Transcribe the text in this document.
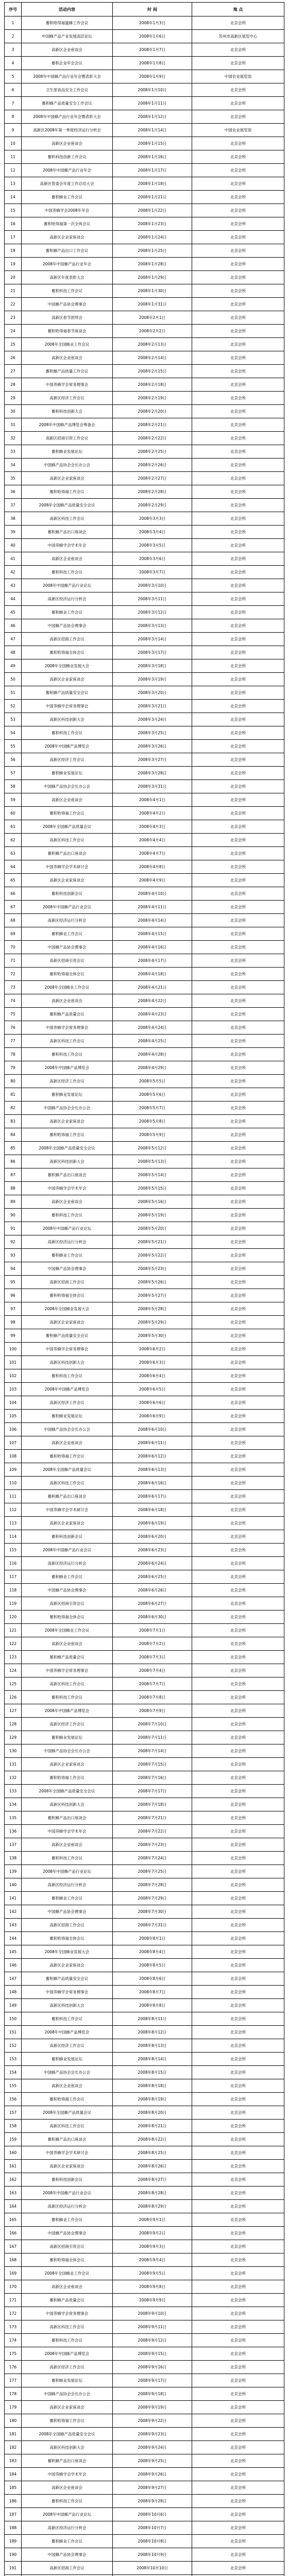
序号	活动内容	时 间	地 点
1	蓄积哈得福蜜蜂工作会议	2008年1月3日	北京会所
2	中国蜂产品产业发展高层论坛	2008年1月6日	苏州市高新区展览中心
3	高新区企业座谈会	2008年1月7日	北京会所
4	蓄积企业年会会议	2008年1月8日	北京会所
5	2008年中国蜂产品行业年会暨表彰大会	2008年1月9日	中国农业展览馆
6	卫生部食品安全工作会议	2008年1月10日	北京会所
7	蓄积蜂产品质量安全工作会议	2008年1月11日	北京会所
8	2008年中国蜂产品行业年会暨表彰大会	2008年1月12日	北京会所
9	高新区2008年第一季度经济运行分析会	2008年1月14日	中国农业展览馆
10	高新区企业座谈会	2008年1月15日	北京会所
11	蓄积科技创新工作会议	2008年1月16日	北京会所
12	2008年中国蜂产品行业年会	2008年1月17日	北京会所
13	高新区管委会年度工作总结大会	2008年1月18日	北京会所
14	蓄积蜂业工作会议	2008年1月21日	北京会所
15	中国养蜂学会2008年年会	2008年1月22日	北京会所
16	蓄积哈得福第一次全体会议	2008年1月23日	北京会所
17	高新区企业家座谈会	2008年1月24日	北京会所
18	蓄积蜂产品出口工作会议	2008年1月25日	北京会所
19	2008年中国蜂产品行业年会	2008年1月28日	北京会所
20	高新区年度表彰大会	2008年1月29日	北京会所
21	蓄积科技工作会议	2008年1月30日	北京会所
22	中国蜂产品协会理事会	2008年1月31日	北京会所
23	高新区春节团拜会	2008年2月1日	北京会所
24	蓄积哈得福春节座谈会	2008年2月2日	北京会所
25	2008年全国蜂业工作会议	2008年2月13日	北京会所
26	高新区企业座谈会	2008年2月14日	北京会所
27	蓄积蜂产品质量工作会议	2008年2月15日	北京会所
28	中国养蜂学会常务理事会	2008年2月18日	北京会所
29	高新区经济工作会议	2008年2月19日	北京会所
30	蓄积科技创新大会	2008年2月20日	北京会所
31	2008年中国蜂产品博览会筹备会	2008年2月21日	北京会所
32	高新区招商引资工作会议	2008年2月22日	北京会所
33	蓄积蜂业发展论坛	2008年2月25日	北京会所
34	中国蜂产品协会会长办公会	2008年2月26日	北京会所
35	高新区企业家座谈会	2008年2月27日	北京会所
36	蓄积哈得福工作会议	2008年2月28日	北京会所
37	2008年全国蜂产品质量安全会议	2008年2月29日	北京会所
38	高新区科技工作会议	2008年3月3日	北京会所
39	蓄积蜂产品出口座谈会	2008年3月4日	北京会所
40	中国养蜂学会学术年会	2008年3月5日	北京会所
41	高新区企业座谈会	2008年3月6日	北京会所
42	蓄积科技工作会议	2008年3月7日	北京会所
43	2008年中国蜂产品行业论坛	2008年3月10日	北京会所
44	高新区经济运行分析会	2008年3月11日	北京会所
45	蓄积蜂业工作会议	2008年3月12日	北京会所
46	中国蜂产品协会理事会	2008年3月13日	北京会所
47	高新区招商工作会议	2008年3月14日	北京会所
48	蓄积哈得福全体会议	2008年3月17日	北京会所
49	2008年全国蜂业发展大会	2008年3月18日	北京会所
50	高新区企业家座谈会	2008年3月19日	北京会所
51	蓄积蜂产品质量安全会议	2008年3月20日	北京会所
52	中国养蜂学会常务理事会	2008年3月21日	北京会所
53	高新区科技创新大会	2008年3月24日	北京会所
54	蓄积科技工作会议	2008年3月25日	北京会所
55	2008年中国蜂产品博览会	2008年3月26日	北京会所
56	高新区经济工作会议	2008年3月27日	北京会所
57	蓄积蜂业发展论坛	2008年3月28日	北京会所
58	中国蜂产品协会会长办公会	2008年3月31日	北京会所
59	高新区企业座谈会	2008年4月1日	北京会所
60	蓄积哈得福工作会议	2008年4月2日	北京会所
61	2008年全国蜂产品质量会议	2008年4月3日	北京会所
62	高新区科技工作会议	2008年4月4日	北京会所
63	蓄积蜂产品出口座谈会	2008年4月7日	北京会所
64	中国养蜂学会学术研讨会	2008年4月8日	北京会所
65	高新区企业家座谈会	2008年4月9日	北京会所
66	蓄积科技创新会议	2008年4月10日	北京会所
67	2008年中国蜂产品行业会议	2008年4月11日	北京会所
68	高新区经济运行分析会	2008年4月14日	北京会所
69	蓄积蜂业工作会议	2008年4月15日	北京会所
70	中国蜂产品协会理事会	2008年4月16日	北京会所
71	高新区招商引资会议	2008年4月17日	北京会所
72	蓄积哈得福全体会议	2008年4月18日	北京会所
73	2008年全国蜂业工作会议	2008年4月21日	北京会所
74	高新区企业座谈会	2008年4月22日	北京会所
75	蓄积蜂产品质量会议	2008年4月23日	北京会所
76	中国养蜂学会常务理事会	2008年4月24日	北京会所
77	高新区科技工作会议	2008年4月25日	北京会所
78	蓄积科技工作会议	2008年4月28日	北京会所
79	2008年中国蜂产品博览会	2008年4月29日	北京会所
80	高新区经济工作会议	2008年5月5日	北京会所
81	蓄积蜂业发展论坛	2008年5月6日	北京会所
82	中国蜂产品协会会长办公会	2008年5月7日	北京会所
83	高新区企业家座谈会	2008年5月8日	北京会所
84	蓄积哈得福工作会议	2008年5月9日	北京会所
85	2008年全国蜂产品质量安全会议	2008年5月12日	北京会所
86	高新区科技创新大会	2008年5月13日	北京会所
87	蓄积蜂产品出口座谈会	2008年5月14日	北京会所
88	中国养蜂学会学术年会	2008年5月15日	北京会所
89	高新区企业座谈会	2008年5月16日	北京会所
90	蓄积科技工作会议	2008年5月19日	北京会所
91	2008年中国蜂产品行业论坛	2008年5月20日	北京会所
92	高新区经济运行分析会	2008年5月21日	北京会所
93	蓄积蜂业工作会议	2008年5月22日	北京会所
94	中国蜂产品协会理事会	2008年5月23日	北京会所
95	高新区招商工作会议	2008年5月26日	北京会所
96	蓄积哈得福全体会议	2008年5月27日	北京会所
97	2008年全国蜂业发展大会	2008年5月28日	北京会所
98	高新区企业家座谈会	2008年5月29日	北京会所
99	蓄积蜂产品质量安全会议	2008年5月30日	北京会所
100	中国养蜂学会常务理事会	2008年6月2日	北京会所
101	高新区科技创新大会	2008年6月3日	北京会所
102	蓄积科技工作会议	2008年6月4日	北京会所
103	2008年中国蜂产品博览会	2008年6月5日	北京会所
104	高新区经济工作会议	2008年6月6日	北京会所
105	蓄积蜂业发展论坛	2008年6月9日	北京会所
106	中国蜂产品协会会长办公会	2008年6月10日	北京会所
107	高新区企业座谈会	2008年6月11日	北京会所
108	蓄积哈得福工作会议	2008年6月12日	北京会所
109	2008年全国蜂产品质量会议	2008年6月13日	北京会所
110	高新区科技工作会议	2008年6月16日	北京会所
111	蓄积蜂产品出口座谈会	2008年6月17日	北京会所
112	中国养蜂学会学术研讨会	2008年6月18日	北京会所
113	高新区企业家座谈会	2008年6月19日	北京会所
114	蓄积科技创新会议	2008年6月20日	北京会所
115	2008年中国蜂产品行业会议	2008年6月23日	北京会所
116	高新区经济运行分析会	2008年6月24日	北京会所
117	蓄积蜂业工作会议	2008年6月25日	北京会所
118	中国蜂产品协会理事会	2008年6月26日	北京会所
119	高新区招商引资会议	2008年6月27日	北京会所
120	蓄积哈得福全体会议	2008年6月30日	北京会所
121	2008年全国蜂业工作会议	2008年7月1日	北京会所
122	高新区企业座谈会	2008年7月2日	北京会所
123	蓄积蜂产品质量会议	2008年7月3日	北京会所
124	中国养蜂学会常务理事会	2008年7月4日	北京会所
125	高新区科技工作会议	2008年7月7日	北京会所
126	蓄积科技工作会议	2008年7月8日	北京会所
127	2008年中国蜂产品博览会	2008年7月9日	北京会所
128	高新区经济工作会议	2008年7月10日	北京会所
129	蓄积蜂业发展论坛	2008年7月11日	北京会所
130	中国蜂产品协会会长办公会	2008年7月14日	北京会所
131	高新区企业家座谈会	2008年7月15日	北京会所
132	蓄积哈得福工作会议	2008年7月16日	北京会所
133	2008年全国蜂产品质量安全会议	2008年7月17日	北京会所
134	高新区科技创新大会	2008年7月18日	北京会所
135	蓄积蜂产品出口座谈会	2008年7月21日	北京会所
136	中国养蜂学会学术年会	2008年7月22日	北京会所
137	高新区企业座谈会	2008年7月23日	北京会所
138	蓄积科技工作会议	2008年7月24日	北京会所
139	2008年中国蜂产品行业论坛	2008年7月25日	北京会所
140	高新区经济运行分析会	2008年7月28日	北京会所
141	蓄积蜂业工作会议	2008年7月29日	北京会所
142	中国蜂产品协会理事会	2008年7月30日	北京会所
143	高新区招商工作会议	2008年7月31日	北京会所
144	蓄积哈得福全体会议	2008年8月1日	北京会所
145	2008年全国蜂业发展大会	2008年8月4日	北京会所
146	高新区企业家座谈会	2008年8月5日	北京会所
147	蓄积蜂产品质量安全会议	2008年8月6日	北京会所
148	中国养蜂学会常务理事会	2008年8月7日	北京会所
149	高新区科技创新大会	2008年8月8日	北京会所
150	蓄积科技工作会议	2008年8月11日	北京会所
151	2008年中国蜂产品博览会	2008年8月12日	北京会所
152	高新区经济工作会议	2008年8月13日	北京会所
153	蓄积蜂业发展论坛	2008年8月14日	北京会所
154	中国蜂产品协会会长办公会	2008年8月15日	北京会所
155	高新区企业座谈会	2008年8月18日	北京会所
156	蓄积哈得福工作会议	2008年8月19日	北京会所
157	2008年全国蜂产品质量会议	2008年8月20日	北京会所
158	高新区科技工作会议	2008年8月21日	北京会所
159	蓄积蜂产品出口座谈会	2008年8月22日	北京会所
160	中国养蜂学会学术研讨会	2008年8月25日	北京会所
161	高新区企业家座谈会	2008年8月26日	北京会所
162	蓄积科技创新会议	2008年8月27日	北京会所
163	2008年中国蜂产品行业会议	2008年8月28日	北京会所
164	高新区经济运行分析会	2008年8月29日	北京会所
165	蓄积蜂业工作会议	2008年9月1日	北京会所
166	中国蜂产品协会理事会	2008年9月2日	北京会所
167	高新区招商引资会议	2008年9月3日	北京会所
168	蓄积哈得福全体会议	2008年9月4日	北京会所
169	2008年全国蜂业工作会议	2008年9月5日	北京会所
170	高新区企业座谈会	2008年9月8日	北京会所
171	蓄积蜂产品质量会议	2008年9月9日	北京会所
172	中国养蜂学会常务理事会	2008年9月10日	北京会所
173	高新区科技工作会议	2008年9月11日	北京会所
174	蓄积科技工作会议	2008年9月12日	北京会所
175	2008年中国蜂产品博览会	2008年9月15日	北京会所
176	高新区经济工作会议	2008年9月16日	北京会所
177	蓄积蜂业发展论坛	2008年9月17日	北京会所
178	中国蜂产品协会会长办公会	2008年9月18日	北京会所
179	高新区企业家座谈会	2008年9月19日	北京会所
180	蓄积哈得福工作会议	2008年9月22日	北京会所
181	2008年全国蜂产品质量安全会议	2008年9月23日	北京会所
182	高新区科技创新大会	2008年9月24日	北京会所
183	蓄积蜂产品出口座谈会	2008年9月25日	北京会所
184	中国养蜂学会学术年会	2008年9月26日	北京会所
185	高新区企业座谈会	2008年9月27日	北京会所
186	蓄积科技工作会议	2008年9月28日	北京会所
187	2008年中国蜂产品行业论坛	2008年10月6日	北京会所
188	高新区经济运行分析会	2008年10月7日	北京会所
189	蓄积蜂业工作会议	2008年10月8日	北京会所
190	中国蜂产品协会理事会	2008年10月9日	北京会所
191	高新区招商工作会议	2008年10月10日	北京会所
